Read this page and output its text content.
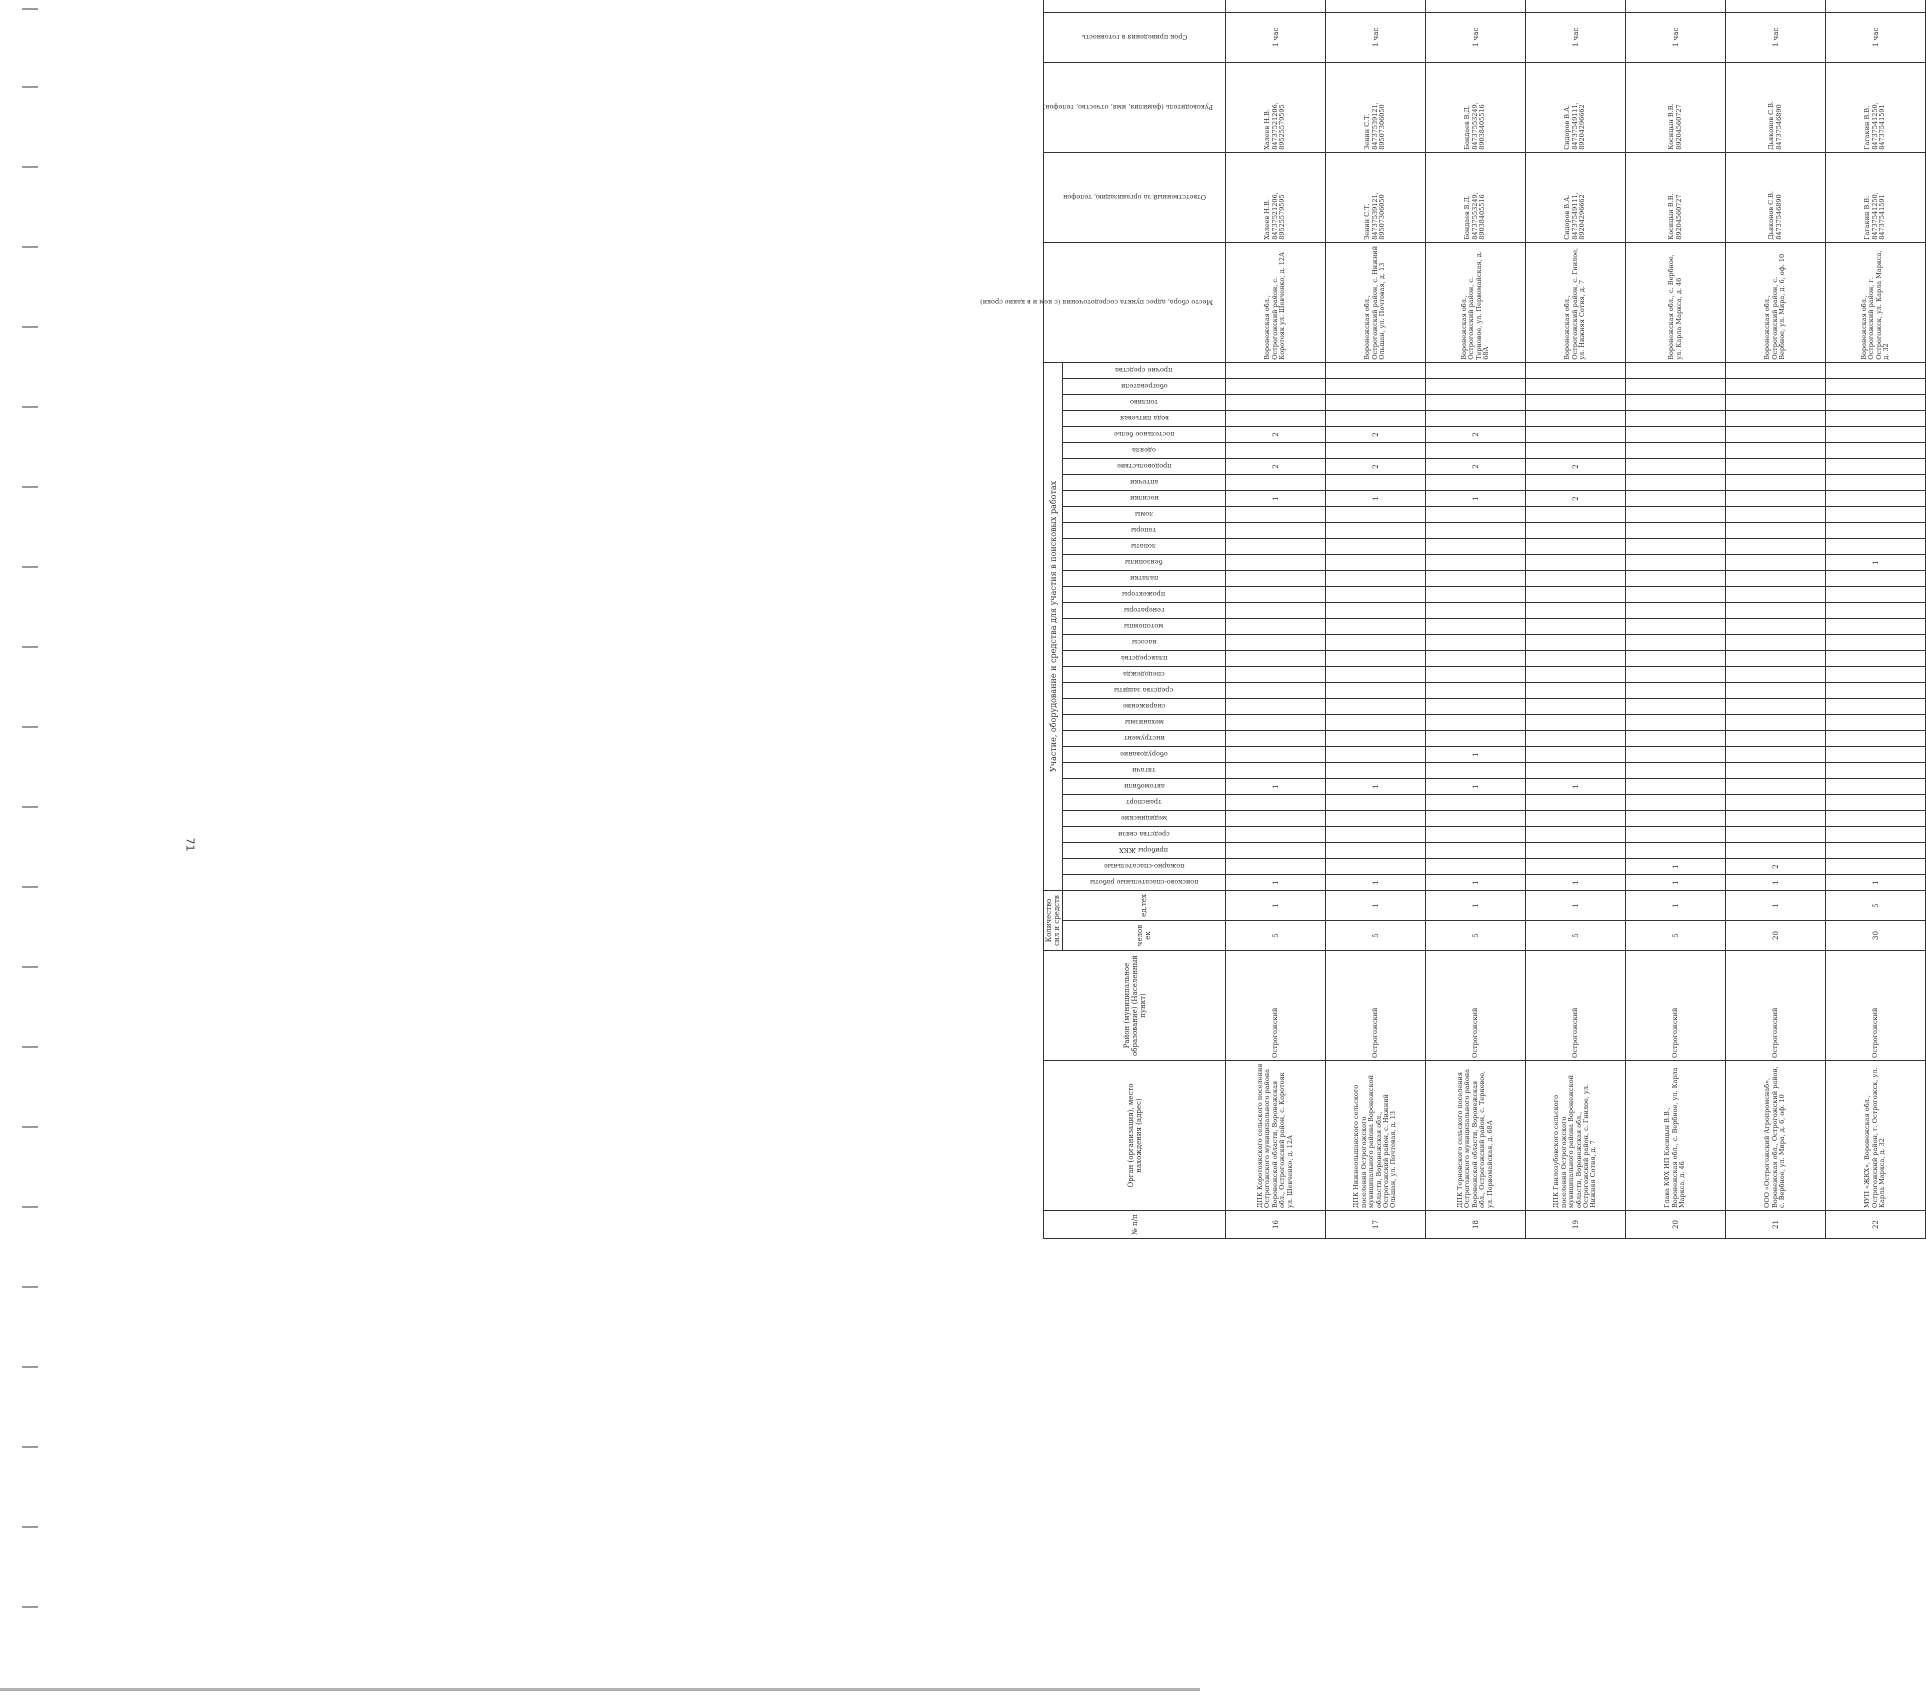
71
№ п/п	Орган (организация), место нахождения (адрес)	Район (муниципальное образование) (Населенный пункт)	Количество сил и средств		Участие, оборудование и средства для участия в поисковых работах																																	Место сбора, адрес пункта сосредоточения (с кем и в какие сроки)	Ответственный за организацию, телефон	Руководитель (фамилия, имя, отчество, телефон)	Срок приведения в готовность

			человек	ед.тех	поисково-спасательные работы	пожарно-спасательные	приборы ЖКХ	средства связи	медицинские	транспорт	автомобили	тягачи	оборудование	инструмент	механизмы	снаряжение	средства защиты	спецодежда	плавсредства	насосы	мотопомпы	генераторы	прожекторы	палатки	бензопилы	лопаты	топоры	ломы	носилки	аптечки	продовольствие	одеяла	постельное белье	вода питьевая	топливо	обогреватели	прочие средства					

16	ДПК Коротоякского сельского поселения Острогожского муниципального района Воронежской области, Воронежская обл., Острогожский район, с. Коротояк ул. Шевченко, д. 12А	Острогожский	5	1	1						1																		1		2		2					Воронежская обл., Острогожский район, с. Коротояк ул. Шевченко, д. 12А	Халеев Н.В. 84737521206, 89525579595	Халеев Н.В. 84737521206, 89525579595	1 час	
17	ДПК Нижнеольшанского сельского поселения Острогожского муниципального района Воронежской области, Воронежская обл., Острогожский район, с. Нижний Ольшан, ул. Почтовая, д. 13	Острогожский	5	1	1						1																		1		2		2					Воронежская обл., Острогожский район, с. Нижний Ольшан, ул. Почтовая, д. 13	Зенин С.Т. 84737539121, 89507306050	Зенин С.Т. 84737539121, 89507306050	1 час	
18	ДПК Терновского сельского поселения Острогожского муниципального района Воронежской области, Воронежская обл., Острогожский район, с. Терновое, ул. Первомайская, д. 68А	Острогожский	5	1	1						1		1																1		2		2					Воронежская обл., Острогожский район, с. Терновое, ул. Первомайская, д. 68А	Бондаев В.Д. 84737553249, 89038405516	Бондаев В.Д. 84737553249, 89038405516	1 час	
19	ДПК Гнилозубовского сельского поселения Острогожского муниципального района Воронежской области, Воронежская обл., Острогожский район, с. Гнилое, ул. Нижняя Сотня, д. 7	Острогожский	5	1	1						1																		2		2							Воронежская обл., Острогожский район, с. Гнилое, ул. Нижняя Сотня, д. 7	Сидоров В.А. 84737549111, 89204296662	Сидоров В.А. 84737549111, 89204296662	1 час	
20	Глава КФХ ИП Косицын В.В., Воронежская обл., с. Вербное, ул. Карла Маркса, д. 46	Острогожский	5	1	1	1																																Воронежская обл., с. Вербное, ул. Карла Маркса, д. 46	Косицын В.В. 89204560727	Косицын В.В. 89204560727	1 час	
21	ООО «Острогожский Агропромснаб», Воронежская обл., Острогожский район, с. Вербное, ул. Мира, д. 6, оф. 10	Острогожский	20	1	1	2																																Воронежская обл., Острогожский район, с. Вербное, ул. Мира, д. 6, оф. 10	Дьяконов С.В. 84737546890	Дьяконов С.В. 84737546890	1 час	
22	МУП «ЖКХ», Воронежская обл., Острогожский район, г. Острогожск, ул. Карла Маркса, д. 32	Острогожский	30	5	1																				1													Воронежская обл., Острогожский район, г. Острогожск, ул. Карла Маркса, д. 32	Гагакин В.В. 84737541250, 84737541591	Гагакин В.В. 84737541250, 84737541591	1 час	
